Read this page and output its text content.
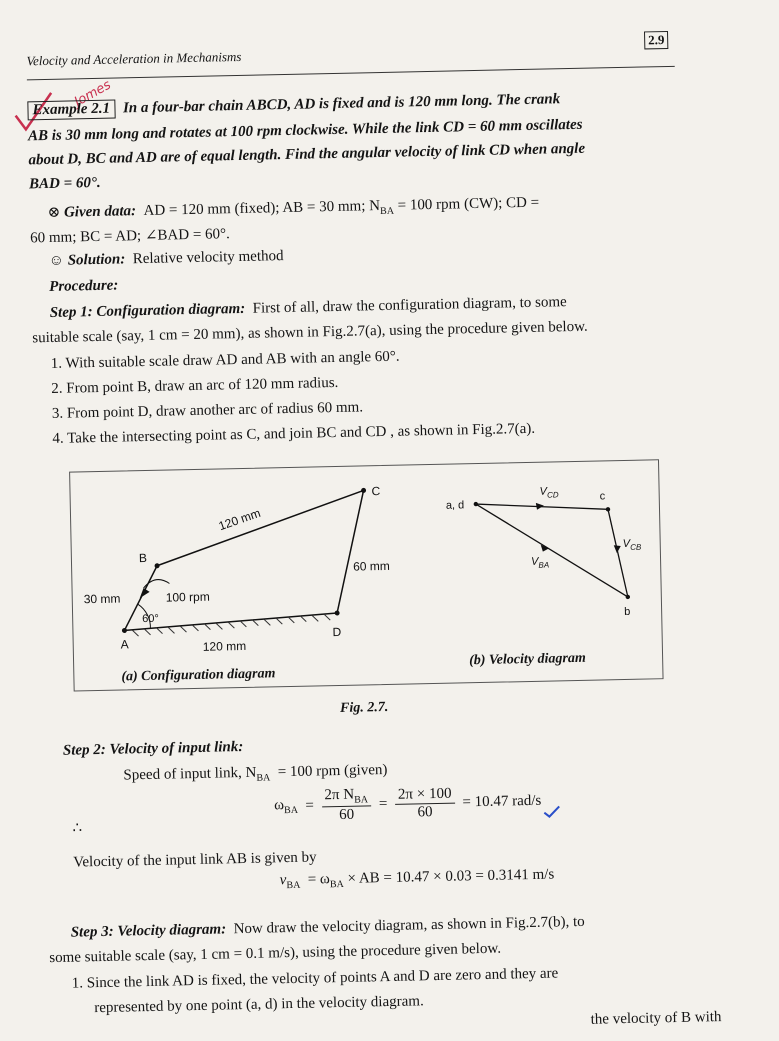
Velocity and Acceleration in Mechanisms
2.9
Jomes
Example 2.1 In a four-bar chain ABCD, AD is fixed and is 120 mm long. The crank
AB is 30 mm long and rotates at 100 rpm clockwise. While the link CD = 60 mm oscillates
about D, BC and AD are of equal length. Find the angular velocity of link CD when angle
BAD = 60°.
⊗ Given data: AD = 120 mm (fixed); AB = 30 mm; $N_{BA} = 100$ rpm (CW); CD =
60 mm; BC = AD; ∠BAD = 60°.
☺ Solution: Relative velocity method
Procedure:
Step 1: Configuration diagram: First of all, draw the configuration diagram, to some
suitable scale (say, 1 cm = 20 mm), as shown in Fig.2.7(a), using the procedure given below.
1. With suitable scale draw AD and AB with an angle 60°.
2. From point B, draw an arc of 120 mm radius.
3. From point D, draw another arc of radius 60 mm.
4. Take the intersecting point as C, and join BC and CD , as shown in Fig.2.7(a).
A
B
C
D
120 mm
60 mm
30 mm	100 rpm
60°
120 mm
a, d
c
b
$V_{CD}$
$V_{CB}$
$V_{BA}$
(a) Configuration diagram
(b) Velocity diagram
Fig. 2.7.
Step 2: Velocity of input link:
Speed of input link, $N_{BA} = 100$ rpm (given)
∴
$\omega_{BA} = \frac{2\pi N_{BA}}{60} = \frac{2\pi \times 100}{60} = 10.47$ rad/s
Velocity of the input link AB is given by
$v_{BA} = \omega_{BA}$ × AB = 10.47 × 0.03 = 0.3141 m/s
Step 3: Velocity diagram: Now draw the velocity diagram, as shown in Fig.2.7(b), to
some suitable scale (say, 1 cm = 0.1 m/s), using the procedure given below.
1. Since the link AD is fixed, the velocity of points A and D are zero and they are
represented by one point (a, d) in the velocity diagram.
the velocity of B with
